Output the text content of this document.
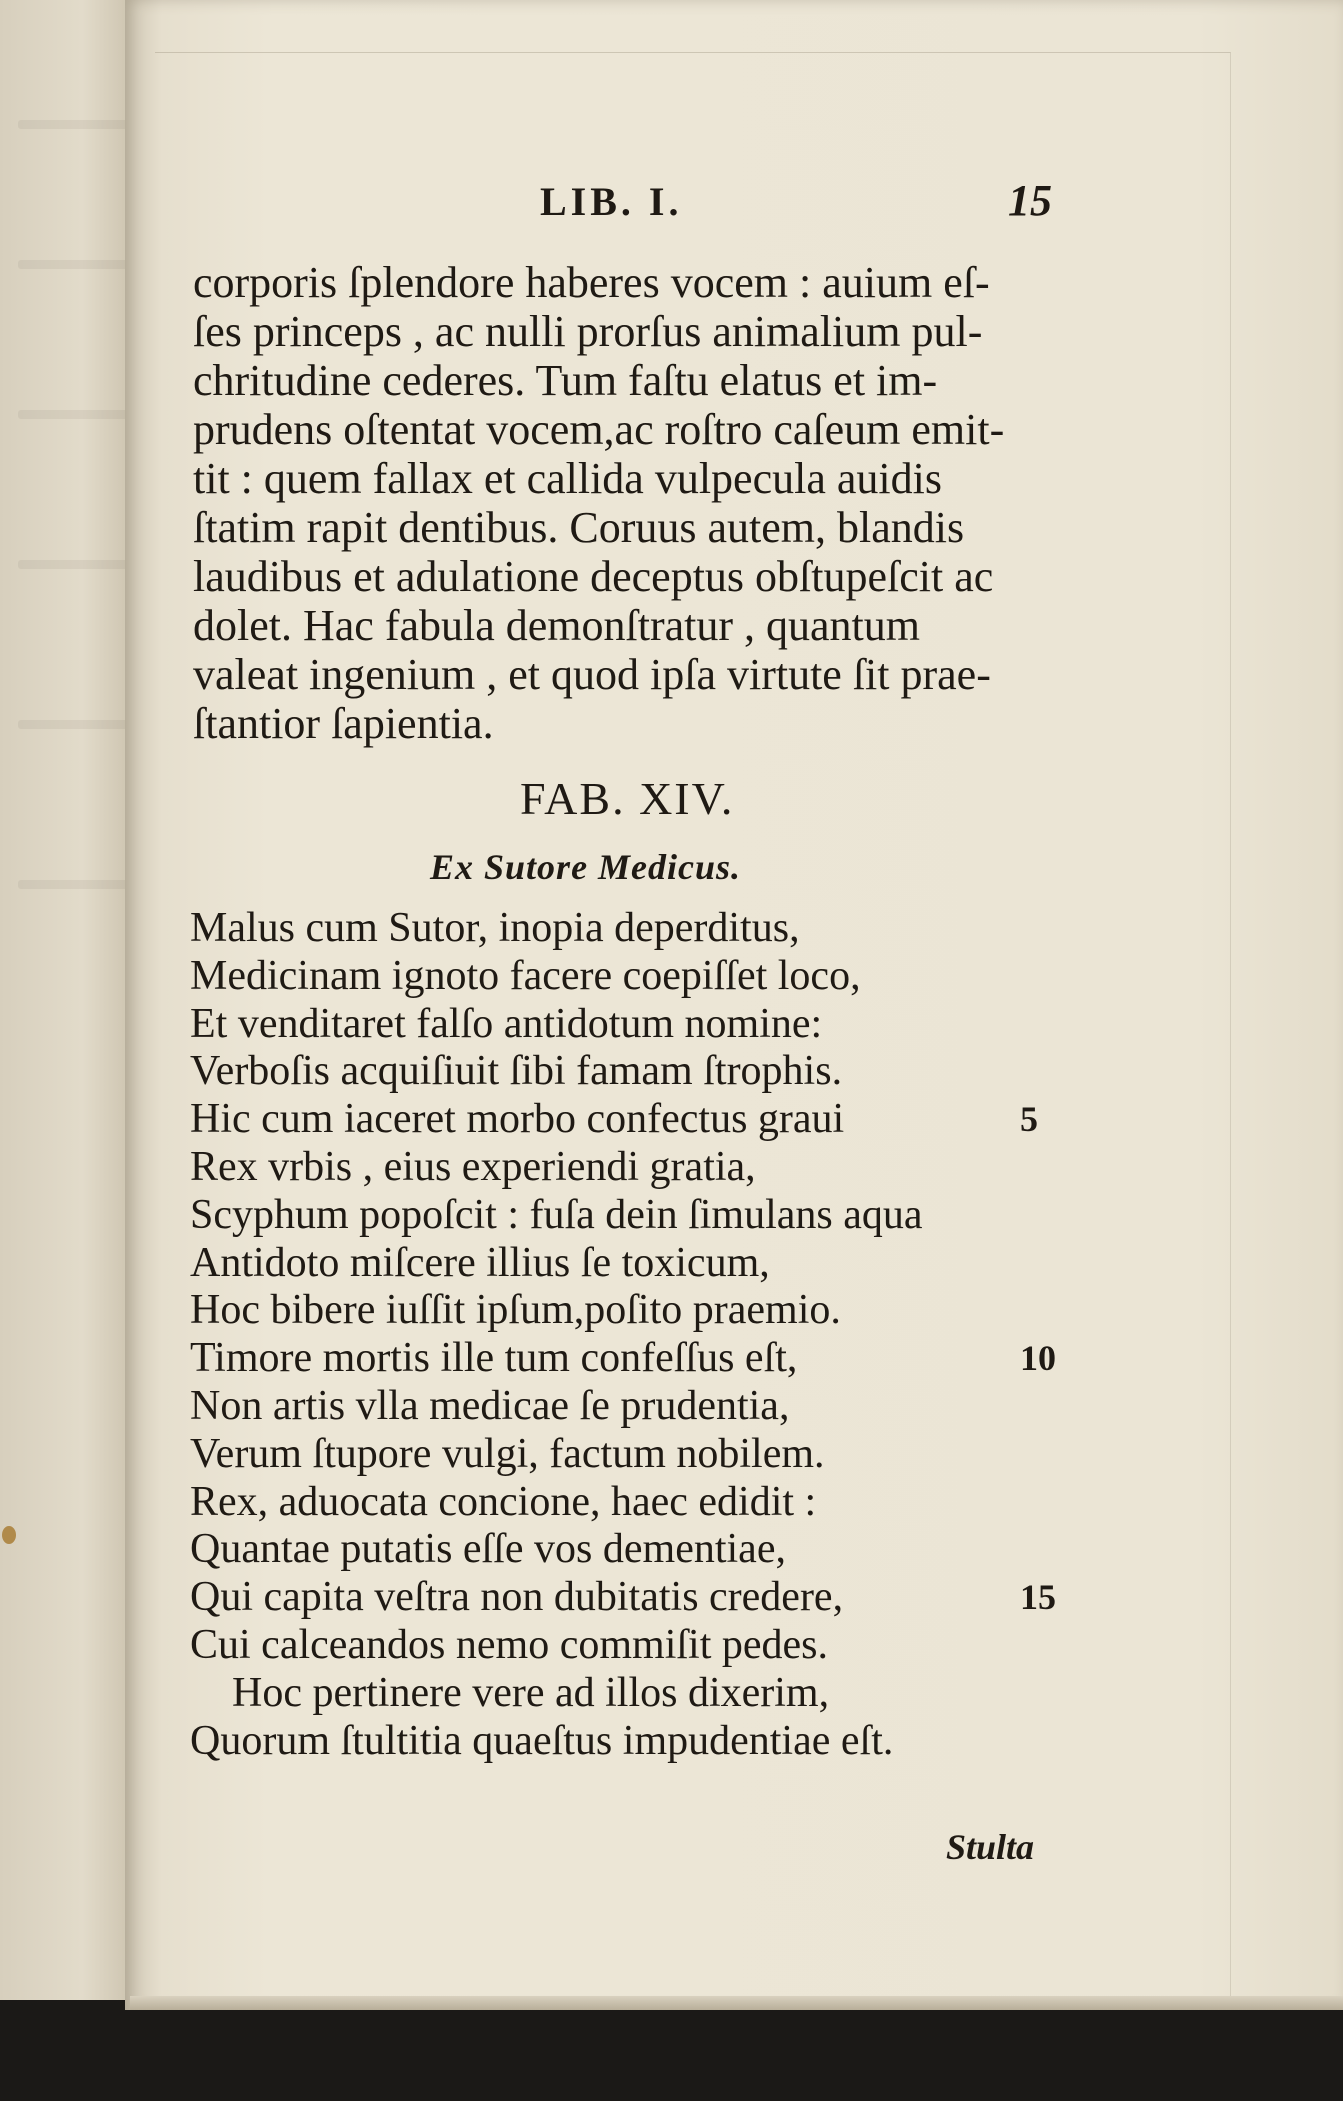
LIB. I.	15
corporis ſplendore haberes vocem : auium eſ-
ſes princeps , ac nulli prorſus animalium pul-
chritudine cederes. Tum faſtu elatus et im-
prudens oſtentat vocem,ac roſtro caſeum emit-
tit : quem fallax et callida vulpecula auidis
ſtatim rapit dentibus. Coruus autem, blandis
laudibus et adulatione deceptus obſtupeſcit ac
dolet. Hac fabula demonſtratur , quantum
valeat ingenium , et quod ipſa virtute ſit prae-
ſtantior ſapientia.
FAB. XIV.
Ex Sutore Medicus.
Malus cum Sutor, inopia deperditus,
Medicinam ignoto facere coepiſſet loco,
Et venditaret falſo antidotum nomine:
Verboſis acquiſiuit ſibi famam ſtrophis.
Hic cum iaceret morbo confectus graui	5
Rex vrbis , eius experiendi gratia,
Scyphum popoſcit : fuſa dein ſimulans aqua
Antidoto miſcere illius ſe toxicum,
Hoc bibere iuſſit ipſum,poſito praemio.
Timore mortis ille tum confeſſus eſt,	10
Non artis vlla medicae ſe prudentia,
Verum ſtupore vulgi, factum nobilem.
Rex, aduocata concione, haec edidit :
Quantae putatis eſſe vos dementiae,
Qui capita veſtra non dubitatis credere,	15
Cui calceandos nemo commiſit pedes.
Hoc pertinere vere ad illos dixerim,
Quorum ſtultitia quaeſtus impudentiae eſt.
Stulta
